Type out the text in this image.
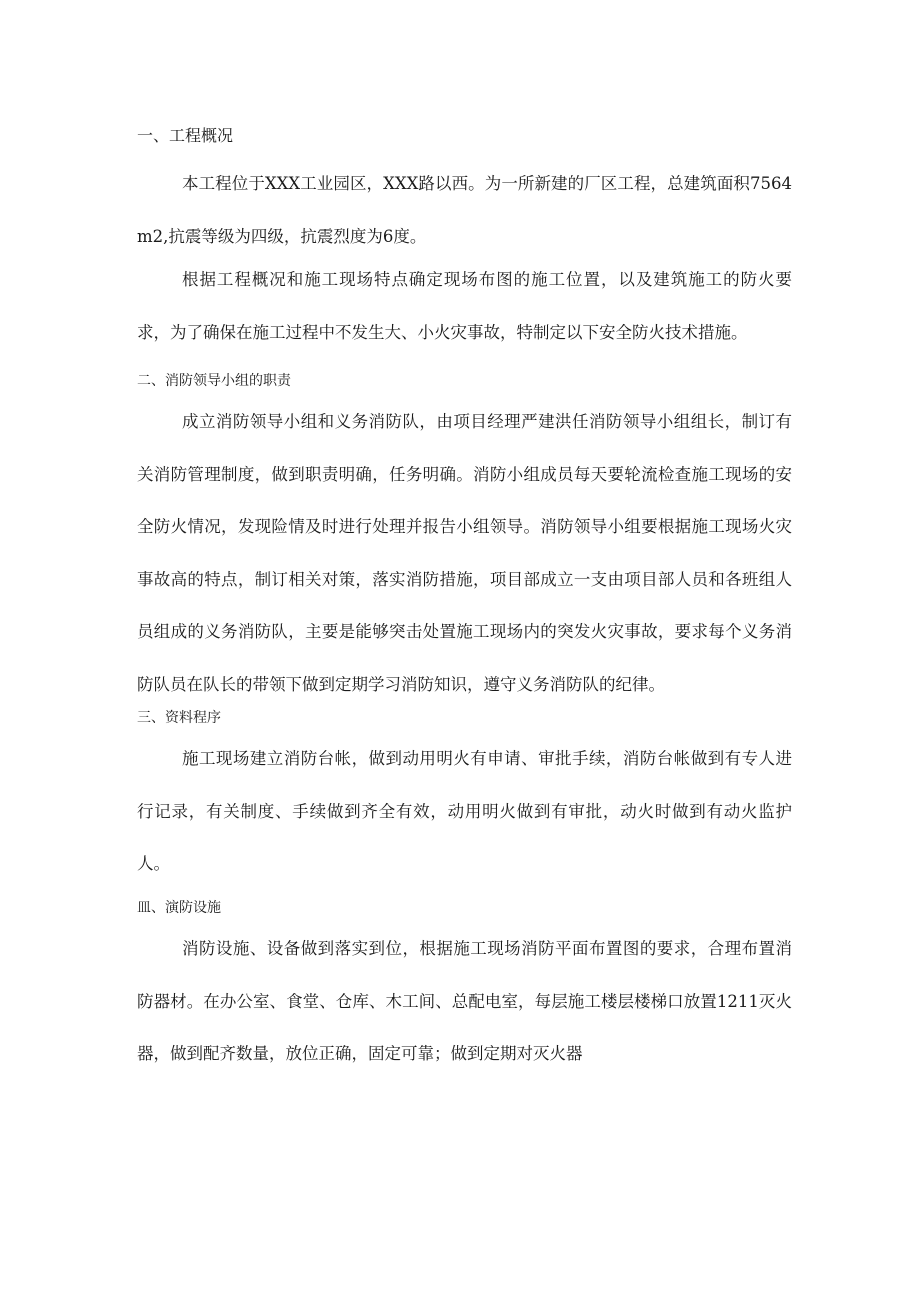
一、工程概况
本工程位于XXX工业园区，XXX路以西。为一所新建的厂区工程，总建筑面积7564m2,抗震等级为四级，抗震烈度为6度。
根据工程概况和施工现场特点确定现场布图的施工位置，以及建筑施工的防火要求，为了确保在施工过程中不发生大、小火灾事故，特制定以下安全防火技术措施。
二、消防领导小组的职责
成立消防领导小组和义务消防队，由项目经理严建洪任消防领导小组组长，制订有关消防管理制度，做到职责明确，任务明确。消防小组成员每天要轮流检查施工现场的安全防火情况，发现险情及时进行处理并报告小组领导。消防领导小组要根据施工现场火灾事故高的特点，制订相关对策，落实消防措施，项目部成立一支由项目部人员和各班组人员组成的义务消防队，主要是能够突击处置施工现场内的突发火灾事故，要求每个义务消防队员在队长的带领下做到定期学习消防知识，遵守义务消防队的纪律。
三、资料程序
施工现场建立消防台帐，做到动用明火有申请、审批手续，消防台帐做到有专人进行记录，有关制度、手续做到齐全有效，动用明火做到有审批，动火时做到有动火监护人。
皿、演防设施
消防设施、设备做到落实到位，根据施工现场消防平面布置图的要求，合理布置消防器材。在办公室、食堂、仓库、木工间、总配电室，每层施工楼层楼梯口放置1211灭火器，做到配齐数量，放位正确，固定可靠；做到定期对灭火器
